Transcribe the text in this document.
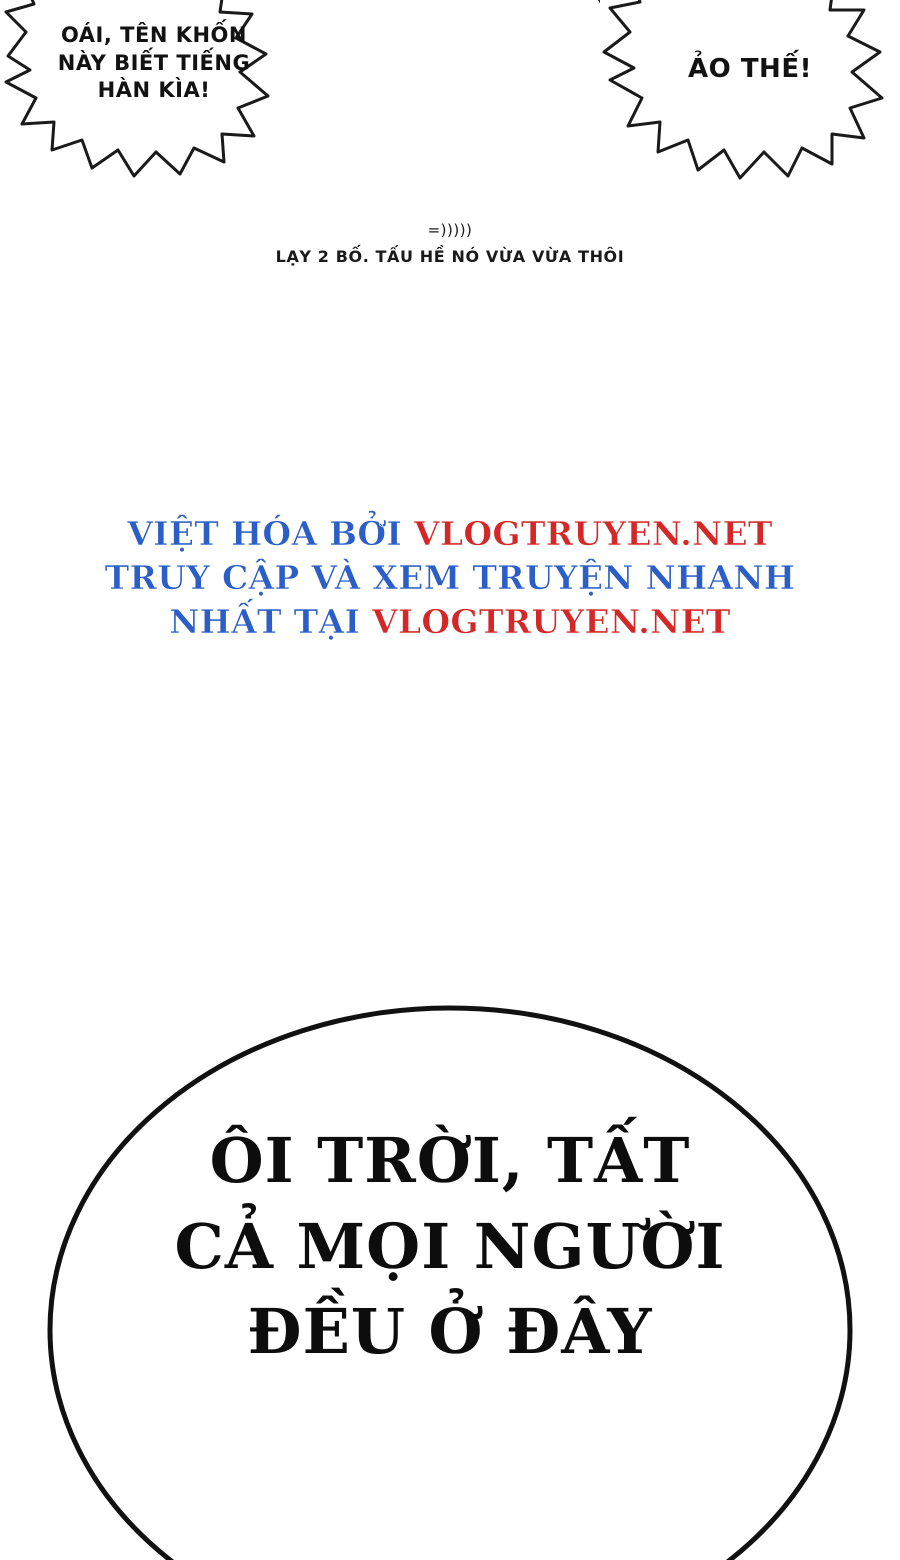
OÁI, TÊN KHỐN
NÀY BIẾT TIẾNG
HÀN KÌA!
ẢO THẾ!
=)))))
LẠY 2 BỐ. TẤU HỀ NÓ VỪA VỪA THÔI
VIỆT HÓA BỞI VLOGTRUYEN.NET
TRUY CẬP VÀ XEM TRUYỆN NHANH
NHẤT TẠI VLOGTRUYEN.NET
ÔI TRỜI, TẤT
CẢ MỌI NGƯỜI
ĐỀU Ở ĐÂY
